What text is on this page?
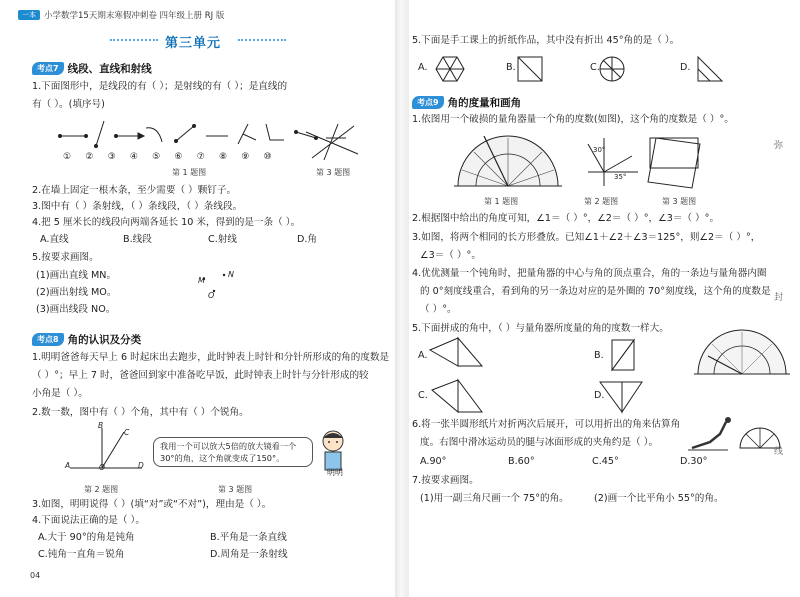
一本 小学数学15天期末寒假冲刺卷 四年级上册 RJ 版
第三单元
考点7 线段、直线和射线
1.下面图形中，是线段的有（ ）；是射线的有（ ）；是直线的
有（ ）。(填序号)
①②③④⑤⑥⑦⑧⑨⑩
第 1 题图	第 3 题图
2.在墙上固定一根木条，至少需要（ ）颗钉子。
3.图中有（ ）条射线，（ ）条线段，（ ）条线段。
4.把 5 厘米长的线段向两端各延长 10 米，得到的是一条（ ）。
A.直线	B.线段	C.射线	D.角
5.按要求画图。
(1)画出直线 MN。
(2)画出射线 MO。
(3)画出线段 NO。
M
N
O
考点8 角的认识及分类
1.明明爸爸每天早上 6 时起床出去跑步，此时钟表上时针和分针所形成的角的度数是
（ ）°；早上 7 时，爸爸回到家中准备吃早饭，此时钟表上时针与分针形成的较
小角是（ ）。
2.数一数，图中有（ ）个角，其中有（ ）个锐角。
A
B
C
D
O
我用一个可以放大5倍的放大镜看一个30°的角，这个角就变成了150°。
明明
第 2 题图	第 3 题图
3.如图，明明说得（ ）(填“对”或“不对”)，理由是（ ）。
4.下面说法正确的是（ ）。
A.大于 90°的角是钝角	B.平角是一条直线
C.钝角一直角＝锐角	D.周角是一条射线
04
5.下面是手工课上的折纸作品，其中没有折出 45°角的是（ ）。
A.	B.	C.	D.
考点9 角的度量和画角
1.依图用一个破损的量角器量一个角的度数(如图)，这个角的度数是（ ）°。
30°
35°
第 1 题图	第 2 题图	第 3 题图
2.根据图中给出的角度可知，∠1＝（ ）°，∠2＝（ ）°，∠3＝（ ）°。
3.如图，将两个相同的长方形叠放。已知∠1＋∠2＋∠3＝125°，则∠2＝（ ）°，
∠3＝（ ）°。
4.优优测量一个钝角时，把量角器的中心与角的顶点重合，角的一条边与量角器内圈
的 0°刻度线重合，看到角的另一条边对应的是外圈的 70°刻度线，这个角的度数是
（ ）°。
5.下面拼成的角中，（ ）与量角器所度量的角的度数一样大。
A.	B.
C.	D.
6.将一张半圆形纸片对折两次后展开，可以用折出的角来估算角
度。右图中滑冰运动员的腿与冰面形成的夹角约是（ ）。
A.90°	B.60°	C.45°	D.30°
7.按要求画图。
(1)用一副三角尺画一个 75°的角。	(2)画一个比平角小 55°的角。
弥
封
线
